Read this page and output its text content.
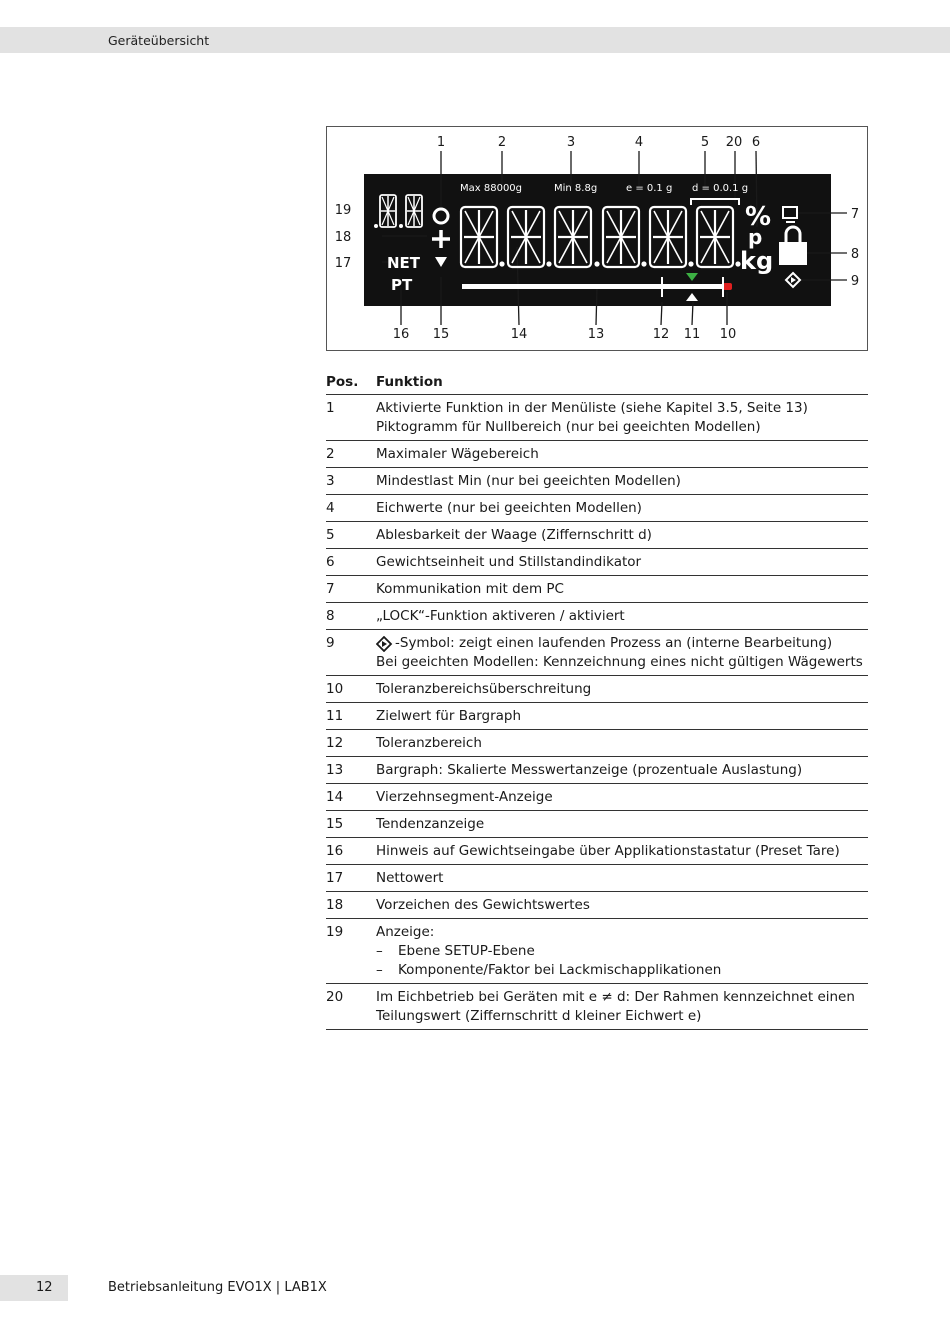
Geräteübersicht
Max 88000g	Min 8.8g	e = 0.1 g d = 0.0.1 g
NET
PT
%
p
kg
1	2	3	4	5 20 6
19
18
17
7
8
9
16 15	14	13	12 11 10
Pos.	Funktion
1	Aktivierte Funktion in der Menüliste (siehe Kapitel 3.5, Seite 13)
Piktogramm für Nullbereich (nur bei geeichten Modellen)
2	Maximaler Wägebereich
3	Mindestlast Min (nur bei geeichten Modellen)
4	Eichwerte (nur bei geeichten Modellen)
5	Ablesbarkeit der Waage (Ziffernschritt d)
6	Gewichtseinheit und Stillstandindikator
7	Kommunikation mit dem PC
8	„LOCK“-Funktion aktiveren / aktiviert
9	-Symbol: zeigt einen laufenden Prozess an (interne Bearbeitung)
Bei geeichten Modellen: Kennzeichnung eines nicht gültigen Wägewerts
10	Toleranzbereichsüberschreitung
11	Zielwert für Bargraph
12	Toleranzbereich
13	Bargraph: Skalierte Messwertanzeige (prozentuale Auslastung)
14	Vierzehnsegment-Anzeige
15	Tendenzanzeige
16	Hinweis auf Gewichtseingabe über Applikationstastatur (Preset Tare)
17	Nettowert
18	Vorzeichen des Gewichtswertes
19	Anzeige:
–	Ebene SETUP-Ebene
–	Komponente/Faktor bei Lackmischapplikationen
20	Im Eichbetrieb bei Geräten mit e ≠ d: Der Rahmen kennzeichnet einen
Teilungswert (Ziffernschritt d kleiner Eichwert e)
12	Betriebsanleitung EVO1X | LAB1X
